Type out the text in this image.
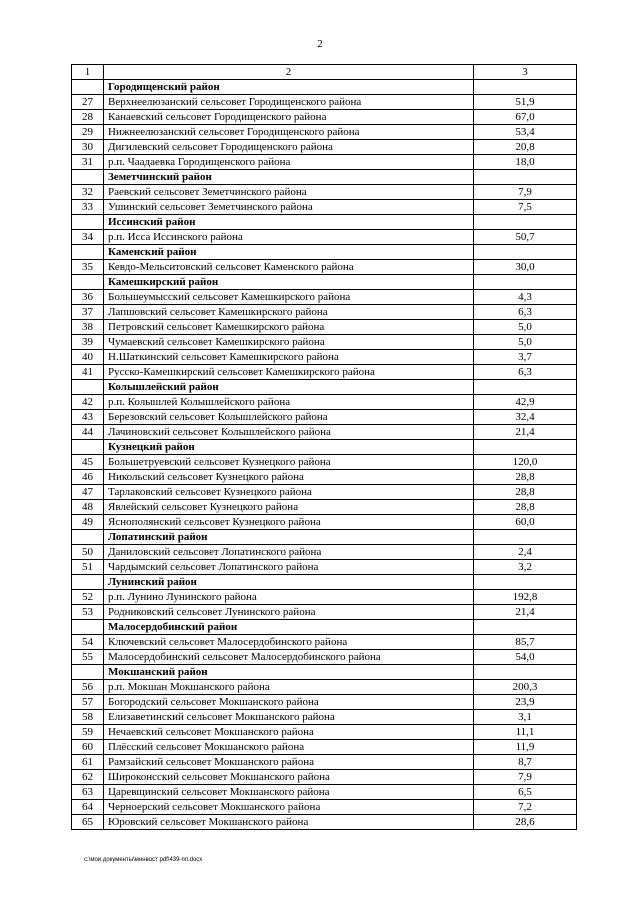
2
1	2	3
	Городищенский район	
27	Верхнеелюзанский сельсовет Городищенского района	51,9
28	Канаевский сельсовет Городищенского района	67,0
29	Нижнеелюзанский сельсовет Городищенского района	53,4
30	Дигилевский сельсовет Городищенского района	20,8
31	р.п. Чаадаевка Городищенского района	18,0
	Земетчинский район	
32	Раевский сельсовет Земетчинского района	7,9
33	Ушинский сельсовет Земетчинского района	7,5
	Иссинский район	
34	р.п. Исса Иссинского района	50,7
	Каменский район	
35	Кевдо-Мельситовский сельсовет Каменского района	30,0
	Камешкирский район	
36	Большеумысский сельсовет Камешкирского района	4,3
37	Лапшовский сельсовет Камешкирского района	6,3
38	Петровский сельсовет Камешкирского района	5,0
39	Чумаевский сельсовет Камешкирского района	5,0
40	Н.Шаткинский сельсовет Камешкирского района	3,7
41	Русско-Камешкирский сельсовет Камешкирского района	6,3
	Колышлейский район	
42	р.п. Колышлей Колышлейского района	42,9
43	Березовский сельсовет Колышлейского района	32,4
44	Лачиновский сельсовет Колышлейского района	21,4
	Кузнецкий район	
45	Большетруевский сельсовет Кузнецкого района	120,0
46	Никольский сельсовет Кузнецкого района	28,8
47	Тарлаковский сельсовет Кузнецкого района	28,8
48	Явлейский сельсовет Кузнецкого района	28,8
49	Яснополянский сельсовет Кузнецкого района	60,0
	Лопатинский район	
50	Даниловский сельсовет Лопатинского района	2,4
51	Чардымский сельсовет Лопатинского района	3,2
	Лунинский район	
52	р.п. Лунино Лунинского района	192,8
53	Родниковский сельсовет Лунинского района	21,4
	Малосердобинский район	
54	Ключевский сельсовет Малосердобинского района	85,7
55	Малосердобинский сельсовет Малосердобинского района	54,0
	Мокшанский район	
56	р.п. Мокшан Мокшанского района	200,3
57	Богородский сельсовет Мокшанского района	23,9
58	Елизаветинский сельсовет Мокшанского района	3,1
59	Нечаевский сельсовет Мокшанского района	11,1
60	Плёсский сельсовет Мокшанского района	11,9
61	Рамзайский сельсовет Мокшанского района	8,7
62	Широконсский сельсовет Мокшанского района	7,9
63	Царевщинский сельсовет Мокшанского района	6,5
64	Черноерский сельсовет Мокшанского района	7,2
65	Юровский сельсовет Мокшанского района	28,6
c:\мои документы\минвост pdf\439-пп.docx
